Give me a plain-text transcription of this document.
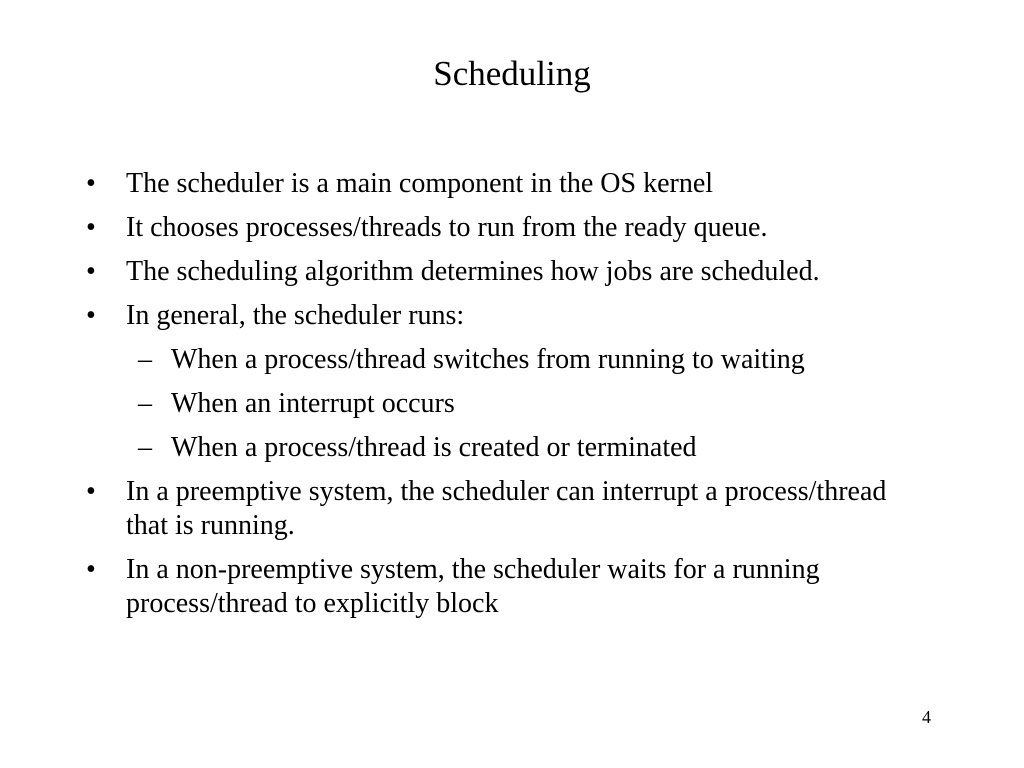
Scheduling
• The scheduler is a main component in the OS kernel
• It chooses processes/threads to run from the ready queue.
• The scheduling algorithm determines how jobs are scheduled.
• In general, the scheduler runs:
– When a process/thread switches from running to waiting
– When an interrupt occurs
– When a process/thread is created or terminated
• In a preemptive system, the scheduler can interrupt a process/thread that is running.
• In a non-preemptive system, the scheduler waits for a running process/thread to explicitly block
4
